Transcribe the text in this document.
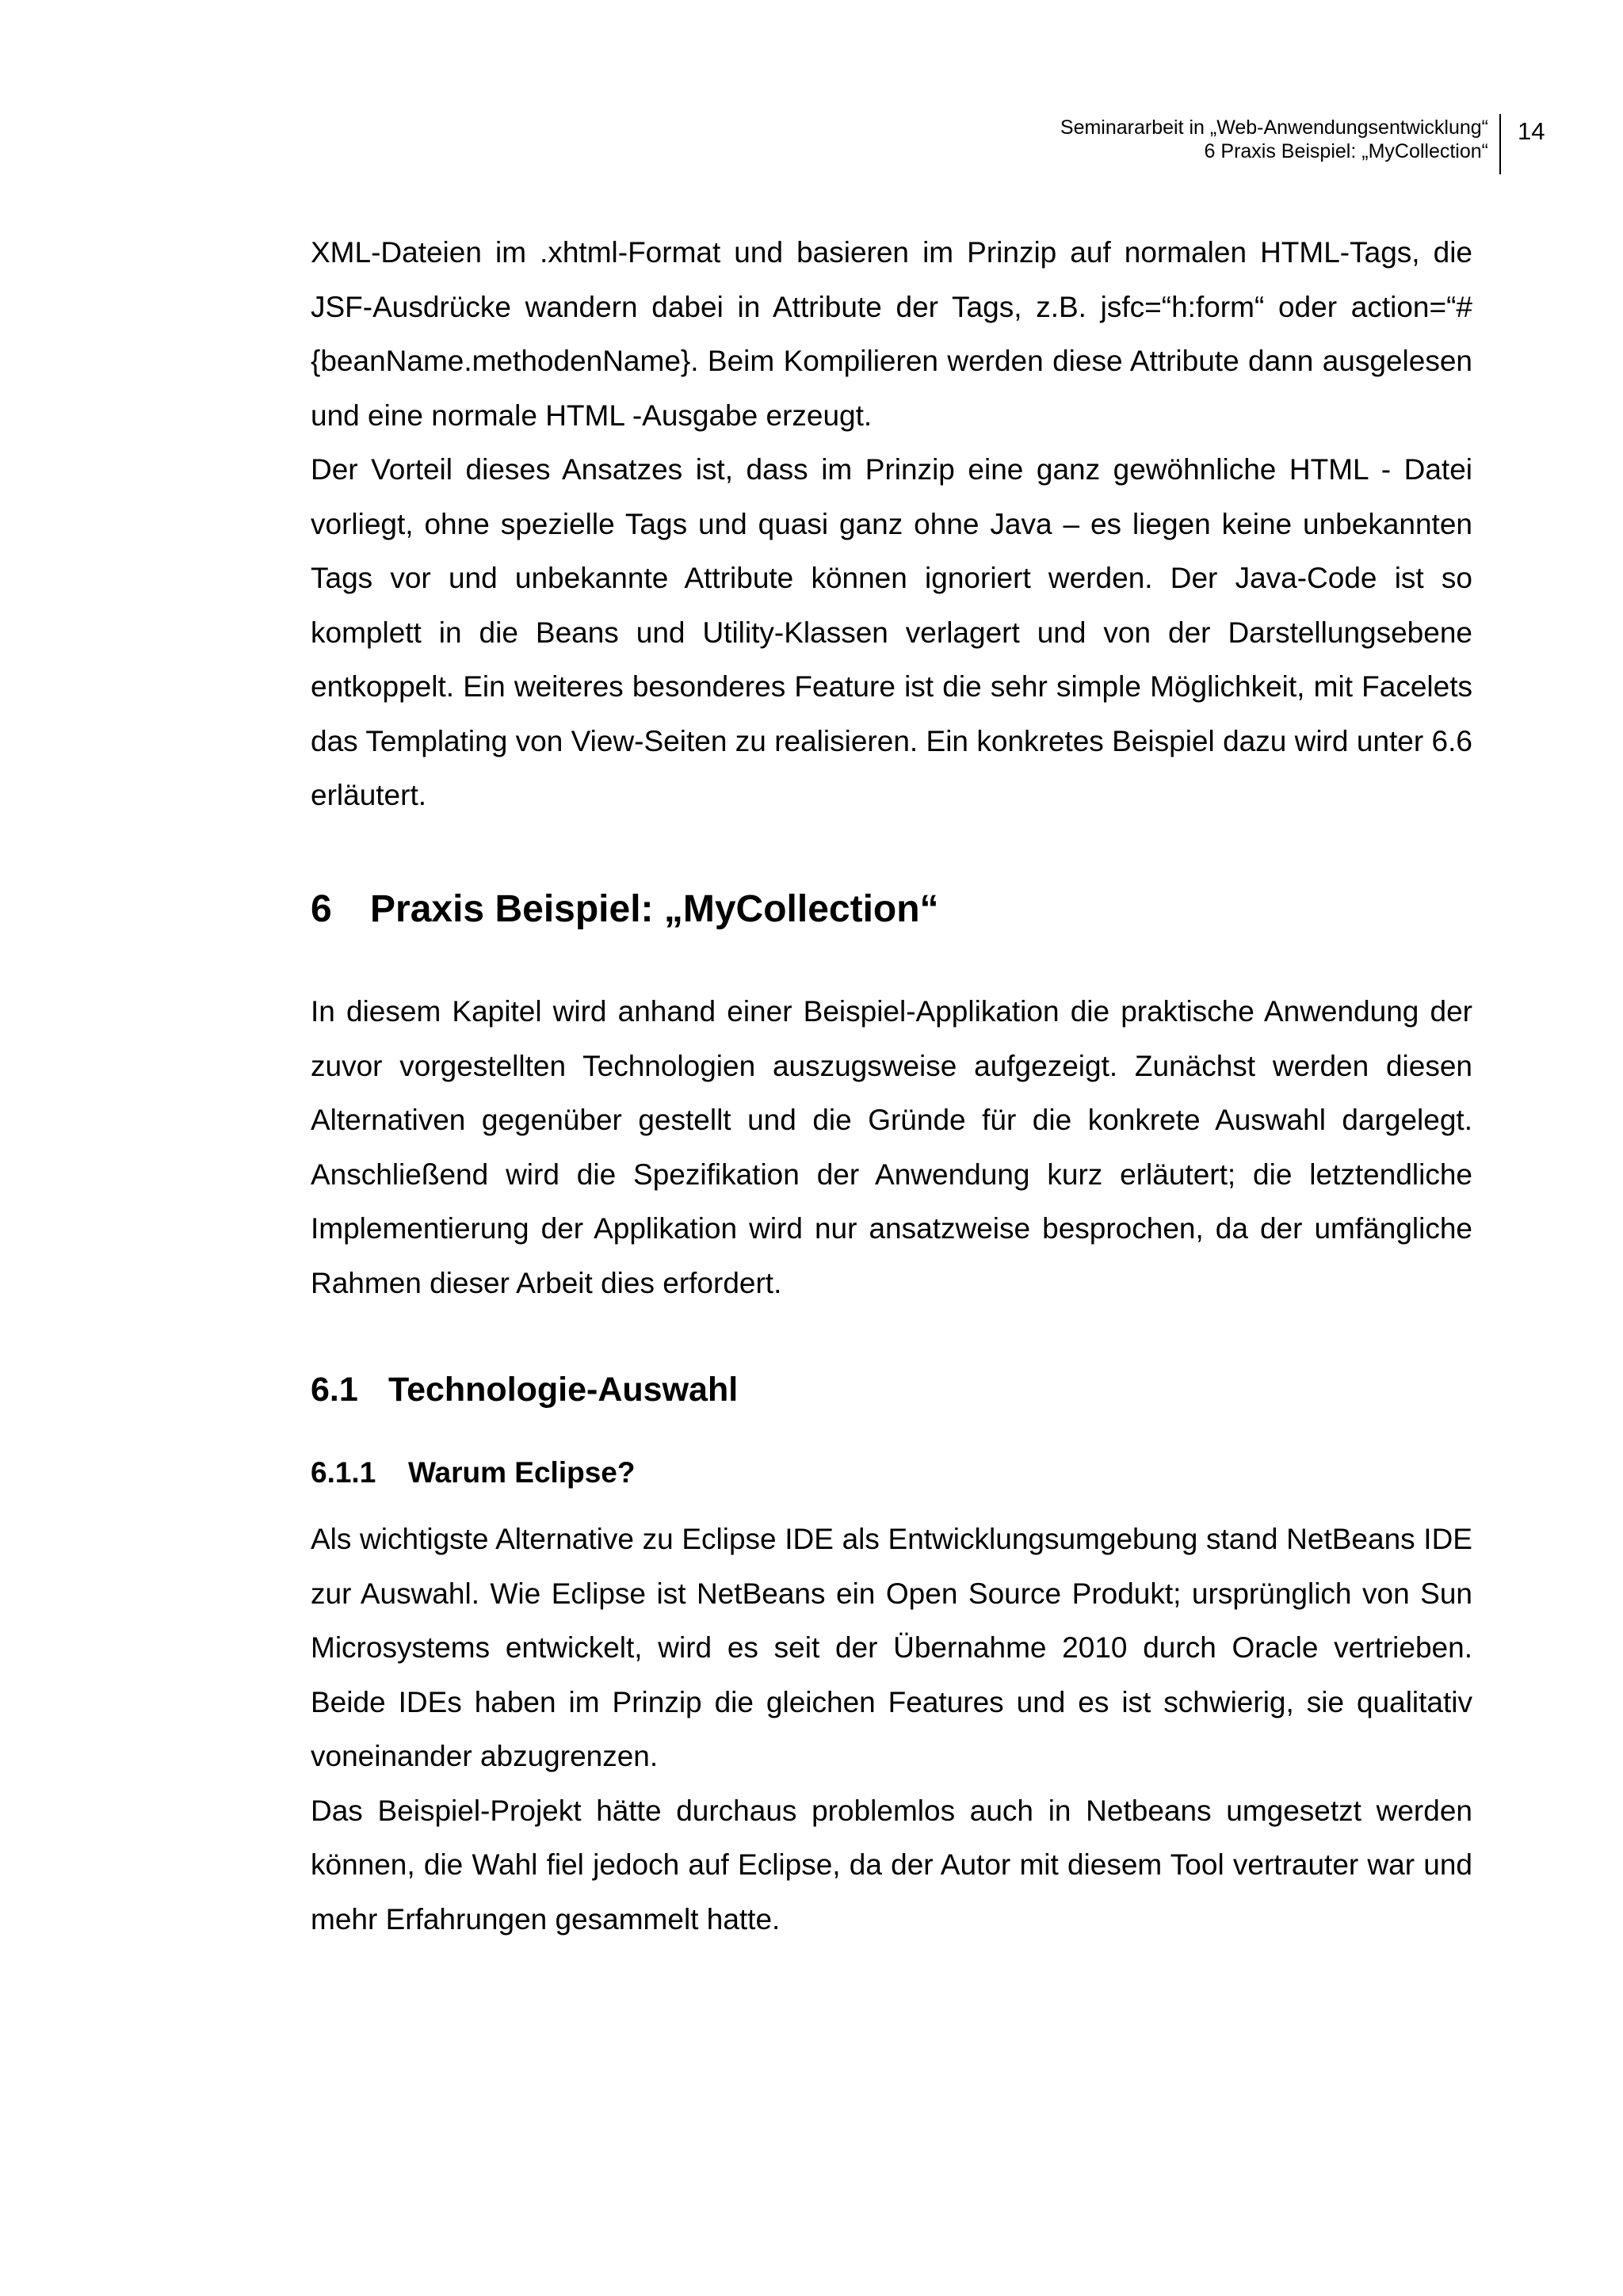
Seminararbeit in „Web-Anwendungsentwicklung“
6 Praxis Beispiel: „MyCollection“
14

XML-Dateien im .xhtml-Format und basieren im Prinzip auf normalen HTML-Tags, die JSF-Ausdrücke wandern dabei in Attribute der Tags, z.B. jsfc=“h:form“ oder action=“#{beanName.methodenName}. Beim Kompilieren werden diese Attribute dann ausgelesen und eine normale HTML -Ausgabe erzeugt.

Der Vorteil dieses Ansatzes ist, dass im Prinzip eine ganz gewöhnliche HTML - Datei vorliegt, ohne spezielle Tags und quasi ganz ohne Java – es liegen keine unbekannten Tags vor und unbekannte Attribute können ignoriert werden. Der Java-Code ist so komplett in die Beans und Utility-Klassen verlagert und von der Darstellungsebene entkoppelt. Ein weiteres besonderes Feature ist die sehr simple Möglichkeit, mit Facelets das Templating von View-Seiten zu realisieren. Ein konkretes Beispiel dazu wird unter 6.6 erläutert.

6 Praxis Beispiel: „MyCollection“

In diesem Kapitel wird anhand einer Beispiel-Applikation die praktische Anwendung der zuvor vorgestellten Technologien auszugsweise aufgezeigt. Zunächst werden diesen Alternativen gegenüber gestellt und die Gründe für die konkrete Auswahl dargelegt. Anschließend wird die Spezifikation der Anwendung kurz erläutert; die letztendliche Implementierung der Applikation wird nur ansatzweise besprochen, da der umfängliche Rahmen dieser Arbeit dies erfordert.

6.1 Technologie-Auswahl
6.1.1 Warum Eclipse?

Als wichtigste Alternative zu Eclipse IDE als Entwicklungsumgebung stand NetBeans IDE zur Auswahl. Wie Eclipse ist NetBeans ein Open Source Produkt; ursprünglich von Sun Microsystems entwickelt, wird es seit der Übernahme 2010 durch Oracle vertrieben. Beide IDEs haben im Prinzip die gleichen Features und es ist schwierig, sie qualitativ voneinander abzugrenzen.

Das Beispiel-Projekt hätte durchaus problemlos auch in Netbeans umgesetzt werden können, die Wahl fiel jedoch auf Eclipse, da der Autor mit diesem Tool vertrauter war und mehr Erfahrungen gesammelt hatte.
